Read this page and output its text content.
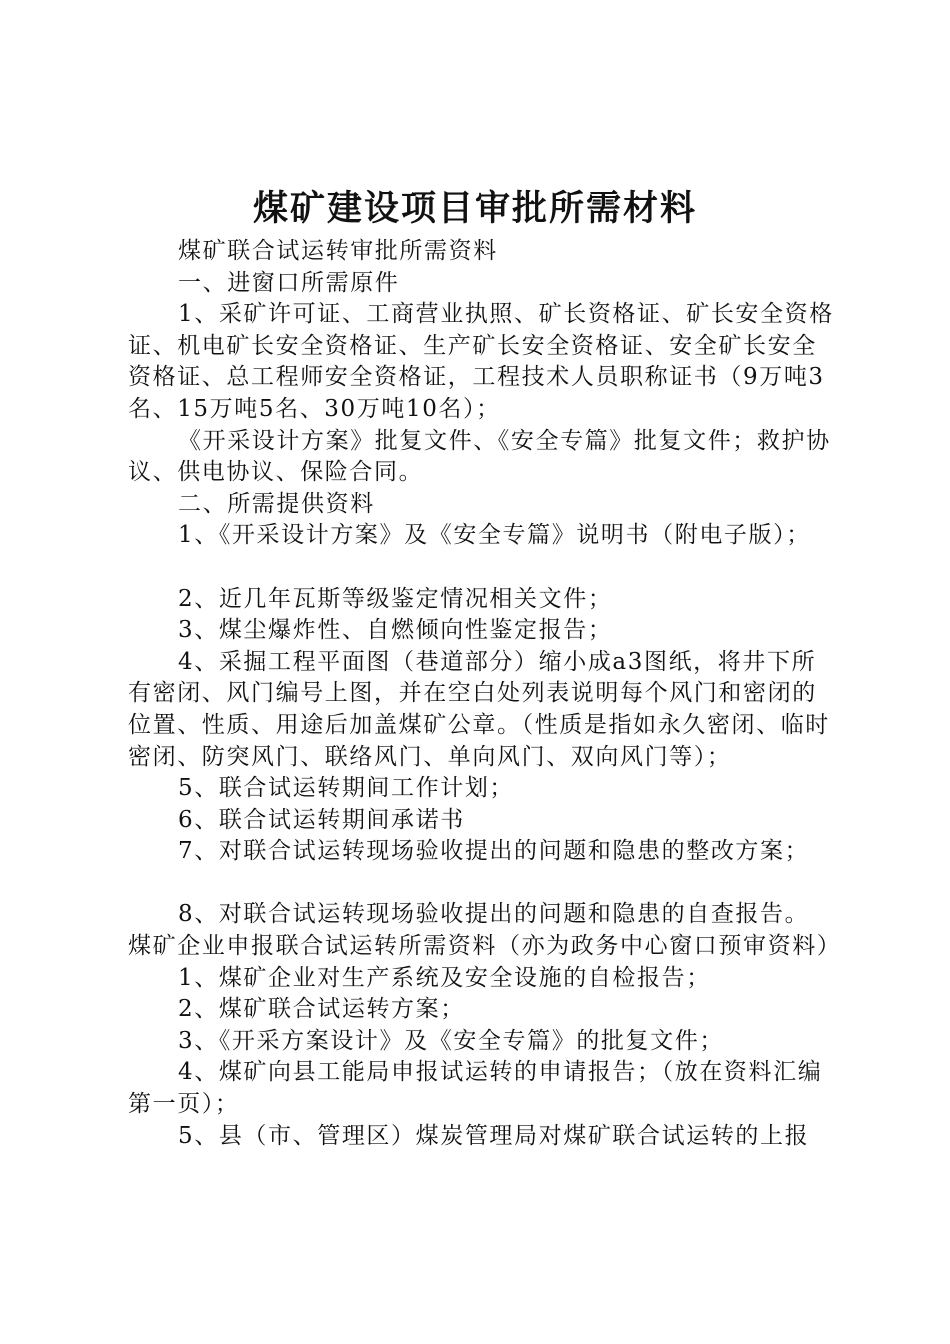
煤矿建设项目审批所需材料

煤矿联合试运转审批所需资料

一、进窗口所需原件

1、采矿许可证、工商营业执照、矿长资格证、矿长安全资格证、机电矿长安全资格证、生产矿长安全资格证、安全矿长安全资格证、总工程师安全资格证，工程技术人员职称证书（9万吨3名、15万吨5名、30万吨10名）；

《开采设计方案》批复文件、《安全专篇》批复文件；救护协议、供电协议、保险合同。

二、所需提供资料

1、《开采设计方案》及《安全专篇》说明书（附电子版）；

2、近几年瓦斯等级鉴定情况相关文件；

3、煤尘爆炸性、自燃倾向性鉴定报告；

4、采掘工程平面图（巷道部分）缩小成a3图纸，将井下所有密闭、风门编号上图，并在空白处列表说明每个风门和密闭的位置、性质、用途后加盖煤矿公章。（性质是指如永久密闭、临时密闭、防突风门、联络风门、单向风门、双向风门等）；

5、联合试运转期间工作计划；

6、联合试运转期间承诺书

7、对联合试运转现场验收提出的问题和隐患的整改方案；

8、对联合试运转现场验收提出的问题和隐患的自查报告。

煤矿企业申报联合试运转所需资料（亦为政务中心窗口预审资料）

1、煤矿企业对生产系统及安全设施的自检报告；

2、煤矿联合试运转方案；

3、《开采方案设计》及《安全专篇》的批复文件；

4、煤矿向县工能局申报试运转的申请报告；（放在资料汇编第一页）；

5、县（市、管理区）煤炭管理局对煤矿联合试运转的上报
